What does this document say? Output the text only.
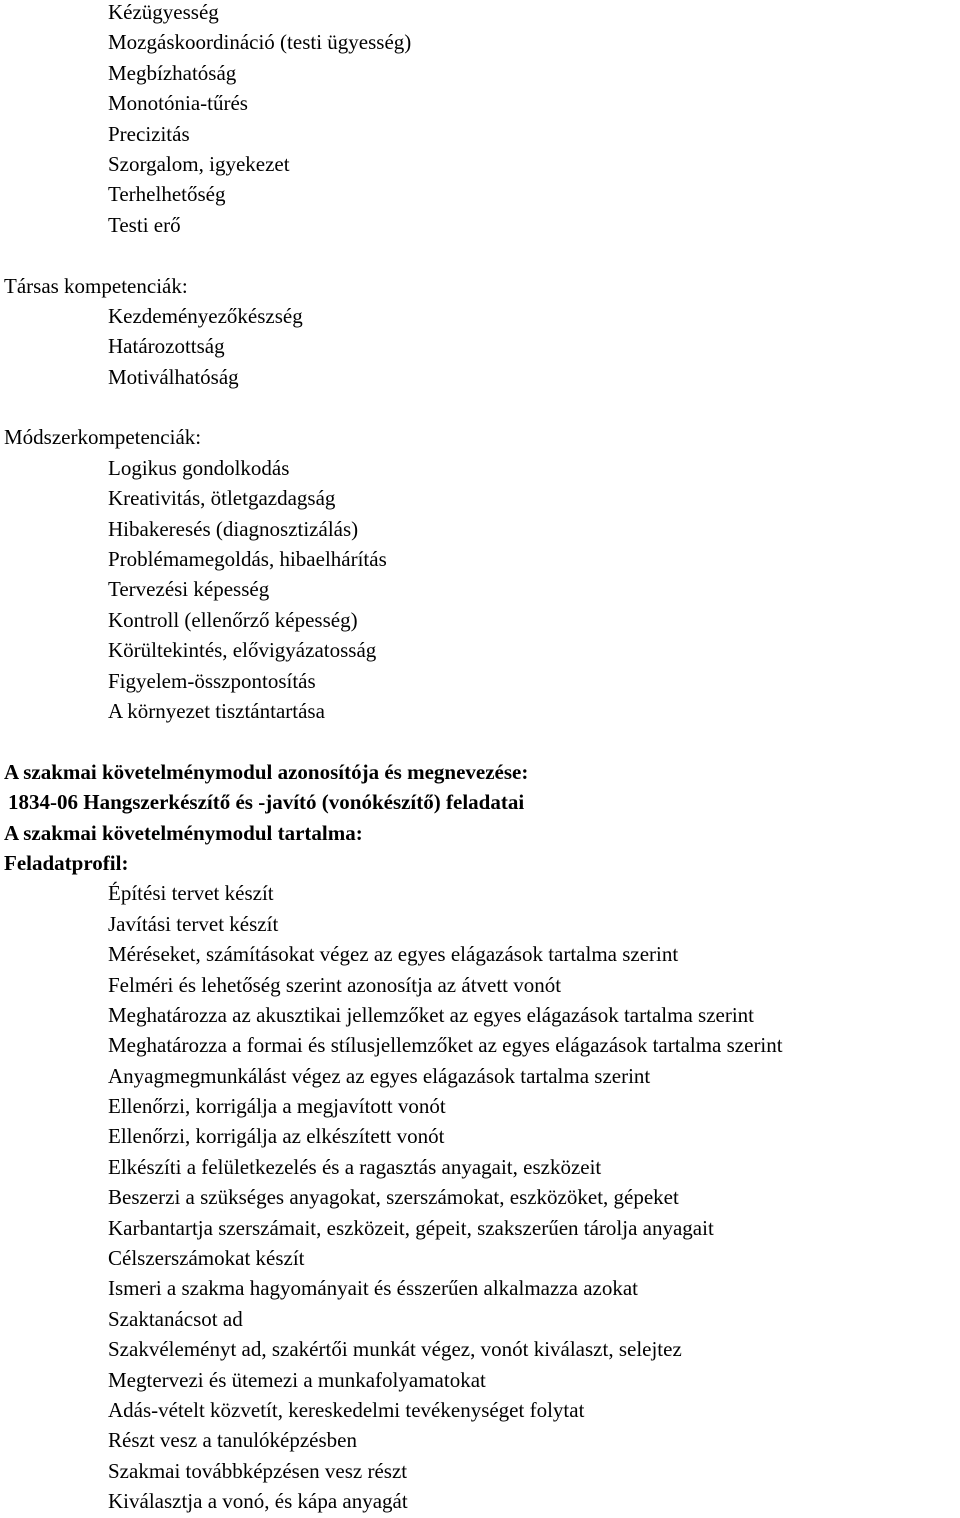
Kézügyesség
Mozgáskoordináció (testi ügyesség)
Megbízhatóság
Monotónia-tűrés
Precizitás
Szorgalom, igyekezet
Terhelhetőség
Testi erő
Társas kompetenciák:
Kezdeményezőkészség
Határozottság
Motiválhatóság
Módszerkompetenciák:
Logikus gondolkodás
Kreativitás, ötletgazdagság
Hibakeresés (diagnosztizálás)
Problémamegoldás, hibaelhárítás
Tervezési képesség
Kontroll (ellenőrző képesség)
Körültekintés, elővigyázatosság
Figyelem-összpontosítás
A környezet tisztántartása
A szakmai követelménymodul azonosítója és megnevezése:
1834-06 Hangszerkészítő és -javító (vonókészítő) feladatai
A szakmai követelménymodul tartalma:
Feladatprofil:
Építési tervet készít
Javítási tervet készít
Méréseket, számításokat végez az egyes elágazások tartalma szerint
Felméri és lehetőség szerint azonosítja az átvett vonót
Meghatározza az akusztikai jellemzőket az egyes elágazások tartalma szerint
Meghatározza a formai és stílusjellemzőket az egyes elágazások tartalma szerint
Anyagmegmunkálást végez az egyes elágazások tartalma szerint
Ellenőrzi, korrigálja a megjavított vonót
Ellenőrzi, korrigálja az elkészített vonót
Elkészíti a felületkezelés és a ragasztás anyagait, eszközeit
Beszerzi a szükséges anyagokat, szerszámokat, eszközöket, gépeket
Karbantartja szerszámait, eszközeit, gépeit, szakszerűen tárolja anyagait
Célszerszámokat készít
Ismeri a szakma hagyományait és ésszerűen alkalmazza azokat
Szaktanácsot ad
Szakvéleményt ad, szakértői munkát végez, vonót kiválaszt, selejtez
Megtervezi és ütemezi a munkafolyamatokat
Adás-vételt közvetít, kereskedelmi tevékenységet folytat
Részt vesz a tanulóképzésben
Szakmai továbbképzésen vesz részt
Kiválasztja a vonó, és kápa anyagát
